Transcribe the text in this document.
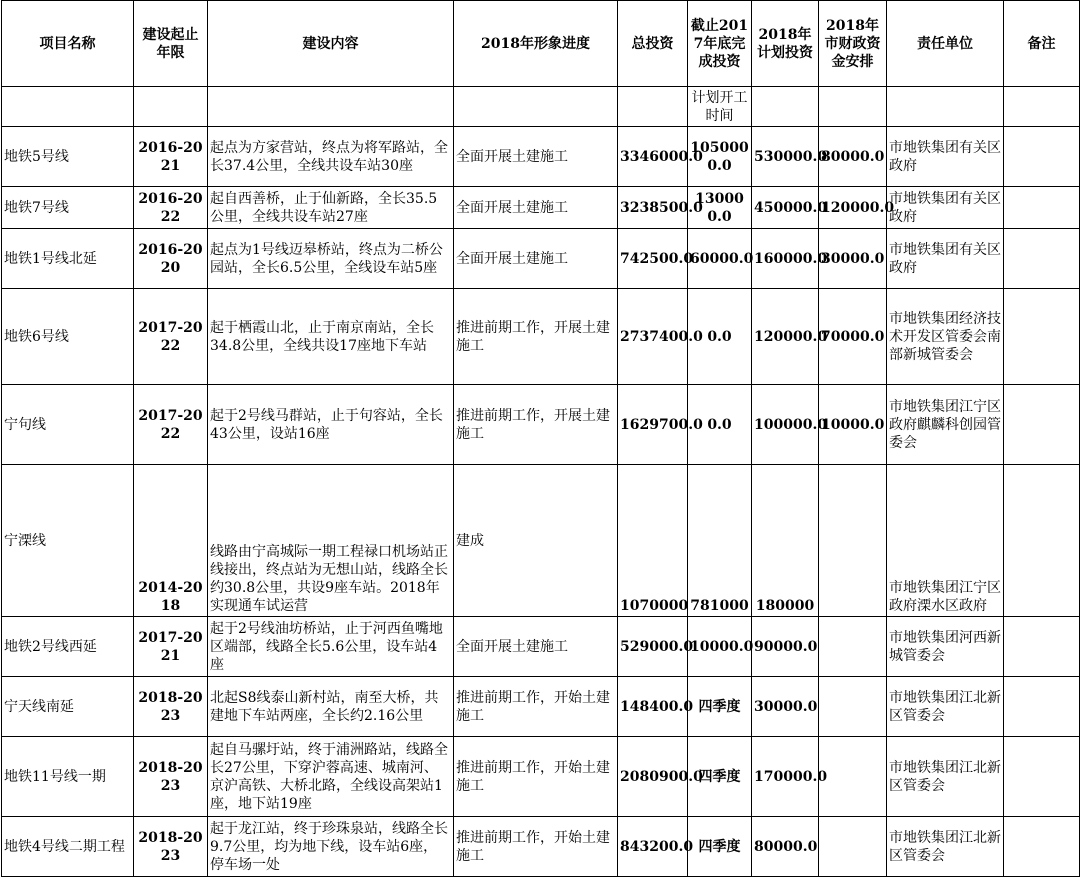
项目名称	建设起止年限	建设内容	2018年形象进度	总投资	截止2017年底完成投资	2018年计划投资	2018年市财政资金安排	责任单位	备注
					计划开工时间				
地铁5号线	2016-2021	起点为方家营站，终点为将军路站，全长37.4公里，全线共设车站30座	全面开展土建施工	3346000.0	1050000.0	530000.0	80000.0	市地铁集团有关区政府	
地铁7号线	2016-2022	起自西善桥，止于仙新路，全长35.5公里，全线共设车站27座	全面开展土建施工	3238500.0	130000.0	450000.0	120000.0	市地铁集团有关区政府	
地铁1号线北延	2016-2020	起点为1号线迈皋桥站，终点为二桥公园站，全长6.5公里，全线设车站5座	全面开展土建施工	742500.0	60000.0	160000.0	30000.0	市地铁集团有关区政府	
地铁6号线	2017-2022	起于栖霞山北，止于南京南站，全长34.8公里，全线共设17座地下车站	推进前期工作，开展土建施工	2737400.0	0.0	120000.0	70000.0	市地铁集团经济技术开发区管委会南部新城管委会	
宁句线	2017-2022	起于2号线马群站，止于句容站，全长43公里，设站16座	推进前期工作，开展土建施工	1629700.0	0.0	100000.0	10000.0	市地铁集团江宁区政府麒麟科创园管委会	
宁溧线	2014-2018	线路由宁高城际一期工程禄口机场站正线接出，终点站为无想山站，线路全长约30.8公里，共设9座车站。2018年实现通车试运营	建成	1070000	781000	180000		市地铁集团江宁区政府溧水区政府	
地铁2号线西延	2017-2021	起于2号线油坊桥站，止于河西鱼嘴地区端部，线路全长5.6公里，设车站4座	全面开展土建施工	529000.0	10000.0	90000.0		市地铁集团河西新城管委会	
宁天线南延	2018-2023	北起S8线泰山新村站，南至大桥，共建地下车站两座，全长约2.16公里	推进前期工作，开始土建施工	148400.0	四季度	30000.0		市地铁集团江北新区管委会	
地铁11号线一期	2018-2023	起自马骡圩站，终于浦洲路站，线路全长27公里，下穿沪蓉高速、城南河、京沪高铁、大桥北路，全线设高架站1座，地下站19座	推进前期工作，开始土建施工	2080900.0	四季度	170000.0		市地铁集团江北新区管委会	
地铁4号线二期工程	2018-2023	起于龙江站，终于珍珠泉站，线路全长9.7公里，均为地下线，设车站6座，停车场一处	推进前期工作，开始土建施工	843200.0	四季度	80000.0		市地铁集团江北新区管委会	
